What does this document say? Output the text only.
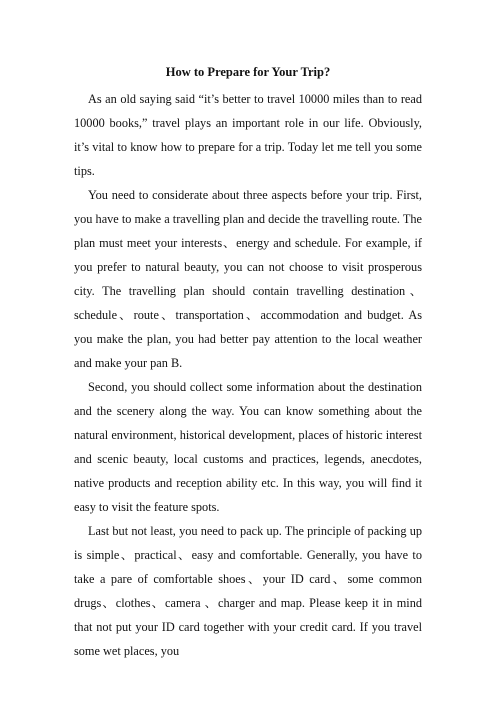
How to Prepare for Your Trip?

As an old saying said “it’s better to travel 10000 miles than to read 10000 books,” travel plays an important role in our life. Obviously, it’s vital to know how to prepare for a trip. Today let me tell you some tips.

You need to considerate about three aspects before your trip. First, you have to make a travelling plan and decide the travelling route. The plan must meet your interests、energy and schedule. For example, if you prefer to natural beauty, you can not choose to visit prosperous city. The travelling plan should contain travelling destination、schedule、route、transportation、accommodation and budget. As you make the plan, you had better pay attention to the local weather and make your pan B.

Second, you should collect some information about the destination and the scenery along the way. You can know something about the natural environment, historical development, places of historic interest and scenic beauty, local customs and practices, legends, anecdotes, native products and reception ability etc. In this way, you will find it easy to visit the feature spots.

Last but not least, you need to pack up. The principle of packing up is simple、practical、easy and comfortable. Generally, you have to take a pare of comfortable shoes、your ID card、some common drugs、clothes、camera 、charger and map. Please keep it in mind that not put your ID card together with your credit card. If you travel some wet places, you
